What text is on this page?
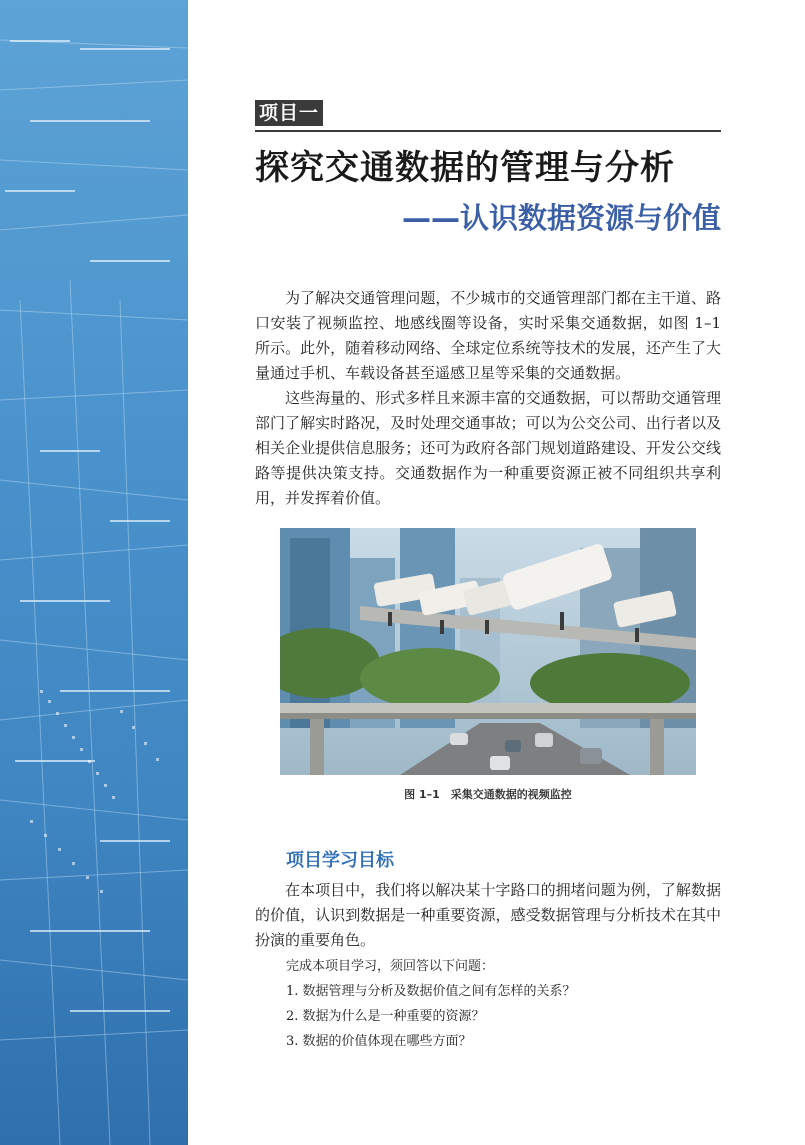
项目一
探究交通数据的管理与分析
——认识数据资源与价值

为了解决交通管理问题，不少城市的交通管理部门都在主干道、路口安装了视频监控、地感线圈等设备，实时采集交通数据，如图 1–1 所示。此外，随着移动网络、全球定位系统等技术的发展，还产生了大量通过手机、车载设备甚至遥感卫星等采集的交通数据。

这些海量的、形式多样且来源丰富的交通数据，可以帮助交通管理部门了解实时路况，及时处理交通事故；可以为公交公司、出行者以及相关企业提供信息服务；还可为政府各部门规划道路建设、开发公交线路等提供决策支持。交通数据作为一种重要资源正被不同组织共享利用，并发挥着价值。

图 1–1　采集交通数据的视频监控
项目学习目标

在本项目中，我们将以解决某十字路口的拥堵问题为例，了解数据的价值，认识到数据是一种重要资源，感受数据管理与分析技术在其中扮演的重要角色。

完成本项目学习，须回答以下问题：
1. 数据管理与分析及数据价值之间有怎样的关系？
2. 数据为什么是一种重要的资源？
3. 数据的价值体现在哪些方面？
